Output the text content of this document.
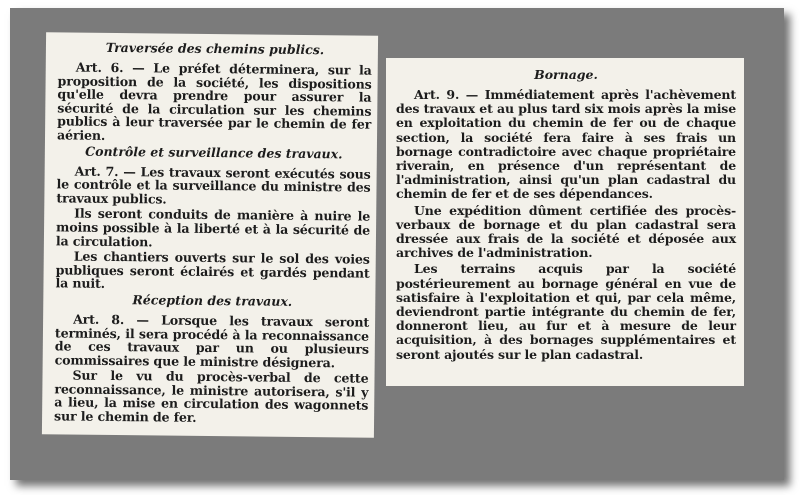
Traversée des chemins publics.

Art. 6. — Le préfet déterminera, sur la proposition de la société, les dispositions qu'elle devra prendre pour assurer la sécurité de la circulation sur les chemins publics à leur traversée par le chemin de fer aérien.

Contrôle et surveillance des travaux.

Art. 7. — Les travaux seront exécutés sous le contrôle et la surveillance du ministre des travaux publics.

Ils seront conduits de manière à nuire le moins possible à la liberté et à la sécurité de la circulation.

Les chantiers ouverts sur le sol des voies publiques seront éclairés et gardés pendant la nuit.

Réception des travaux.

Art. 8. — Lorsque les travaux seront terminés, il sera procédé à la reconnaissance de ces travaux par un ou plusieurs commissaires que le ministre désignera.

Sur le vu du procès-verbal de cette reconnaissance, le ministre autorisera, s'il y a lieu, la mise en circulation des wagonnets sur le chemin de fer.

Bornage.

Art. 9. — Immédiatement après l'achèvement des travaux et au plus tard six mois après la mise en exploitation du chemin de fer ou de chaque section, la société fera faire à ses frais un bornage contradictoire avec chaque propriétaire riverain, en présence d'un représentant de l'administration, ainsi qu'un plan cadastral du chemin de fer et de ses dépendances.

Une expédition dûment certifiée des procès-verbaux de bornage et du plan cadastral sera dressée aux frais de la société et déposée aux archives de l'administration.

Les terrains acquis par la société postérieurement au bornage général en vue de satisfaire à l'exploitation et qui, par cela même, deviendront partie intégrante du chemin de fer, donneront lieu, au fur et à mesure de leur acquisition, à des bornages supplémentaires et seront ajoutés sur le plan cadastral.
